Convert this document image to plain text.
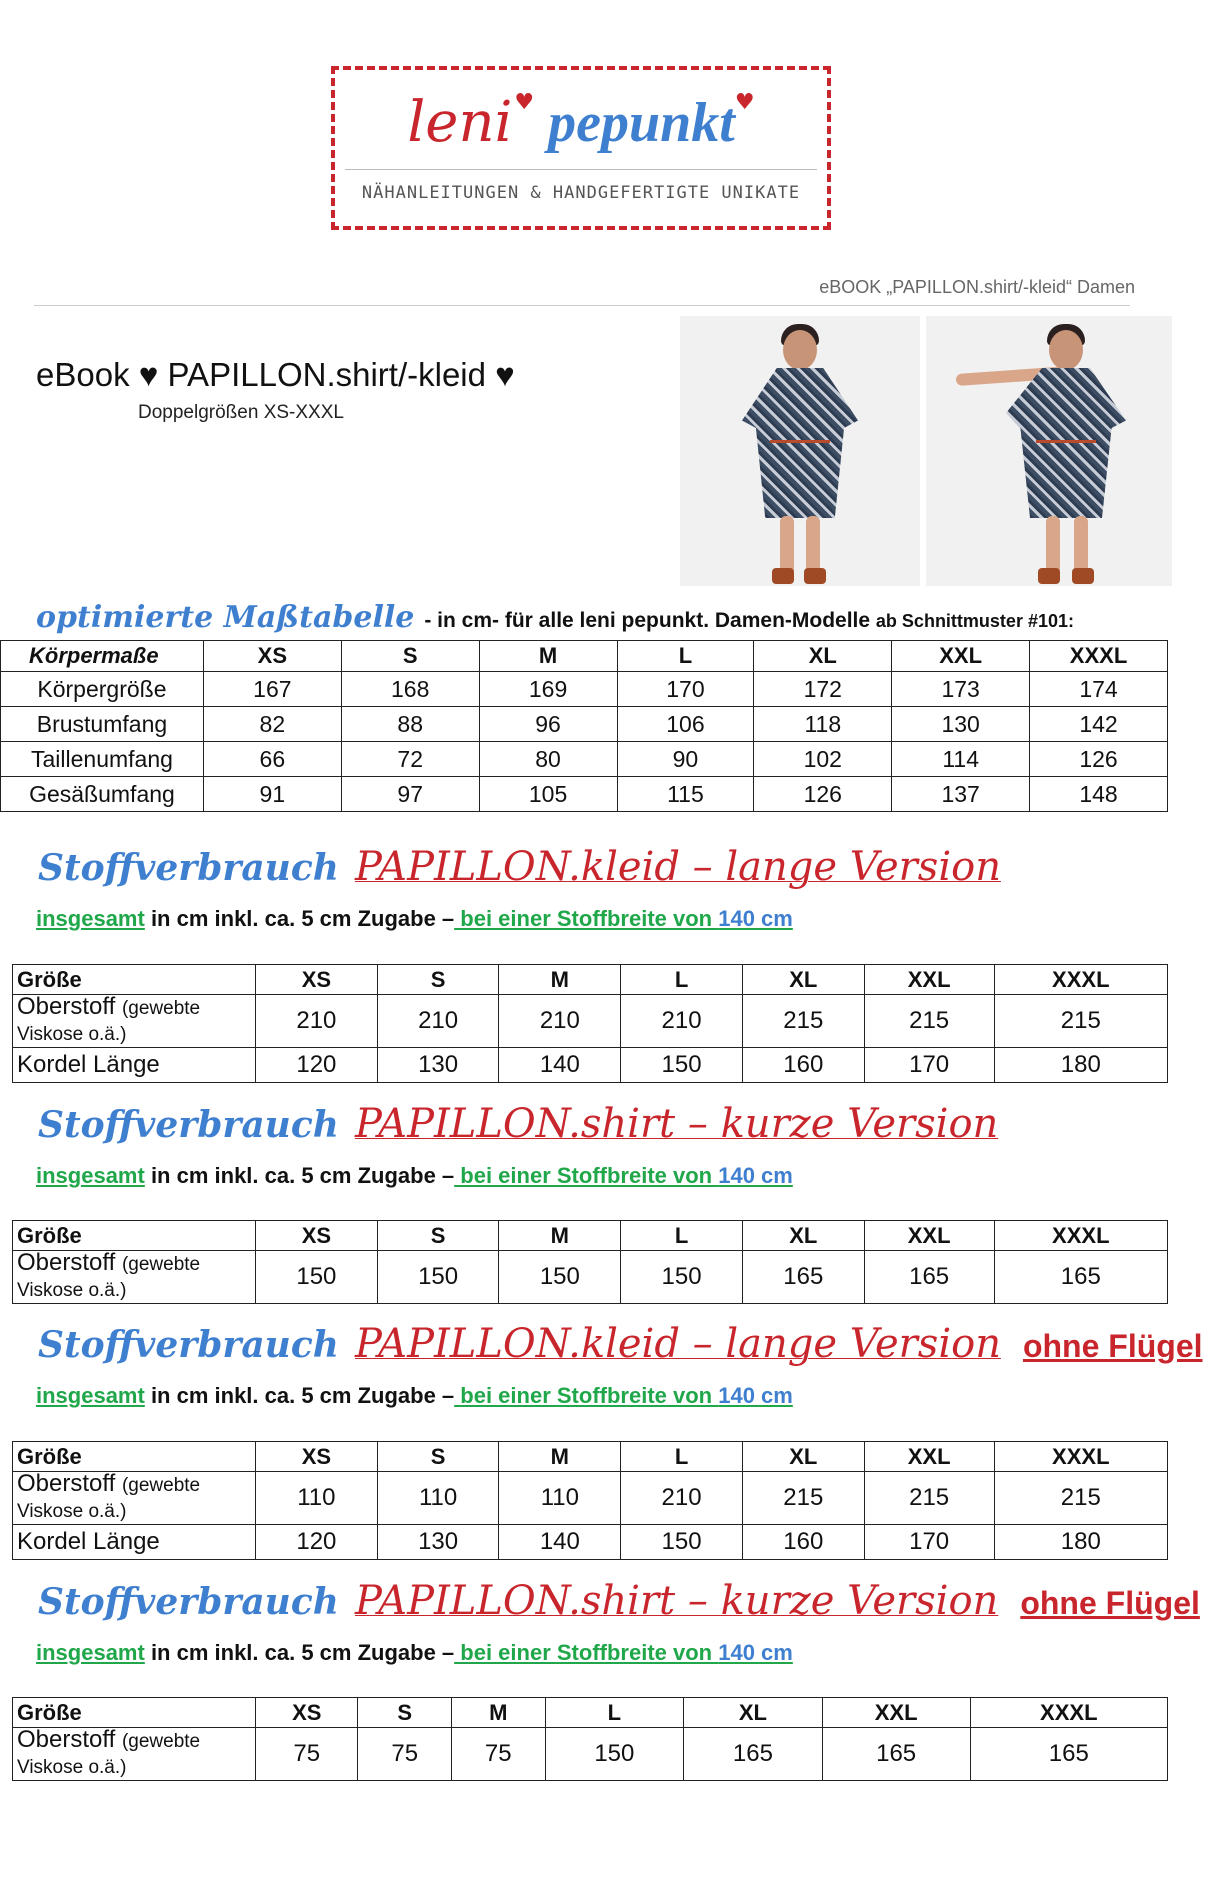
leni♥ pepunkt♥
NÄHANLEITUNGEN & HANDGEFERTIGTE UNIKATE
eBOOK „PAPILLON.shirt/-kleid“ Damen
eBook ♥ PAPILLON.shirt/-kleid ♥
Doppelgrößen XS-XXXL
optimierte Maßtabelle - in cm- für alle leni pepunkt. Damen-Modelle ab Schnittmuster #101:
Körpermaße	XS	S	M	L	XL	XXL	XXXL
Körpergröße	167	168	169	170	172	173	174
Brustumfang	82	88	96	106	118	130	142
Taillenumfang	66	72	80	90	102	114	126
Gesäßumfang	91	97	105	115	126	137	148
Stoffverbrauch PAPILLON.kleid – lange Version
insgesamt in cm inkl. ca. 5 cm Zugabe – bei einer Stoffbreite von 140 cm
Größe	XS	S	M	L	XL	XXL	XXXL
Oberstoff (gewebte
Viskose o.ä.)	210	210	210	210	215	215	215
Kordel Länge	120	130	140	150	160	170	180
Stoffverbrauch PAPILLON.shirt – kurze Version
insgesamt in cm inkl. ca. 5 cm Zugabe – bei einer Stoffbreite von 140 cm
Größe	XS	S	M	L	XL	XXL	XXXL
Oberstoff (gewebte
Viskose o.ä.)	150	150	150	150	165	165	165
Stoffverbrauch PAPILLON.kleid – lange Version ohne Flügel
insgesamt in cm inkl. ca. 5 cm Zugabe – bei einer Stoffbreite von 140 cm
Größe	XS	S	M	L	XL	XXL	XXXL
Oberstoff (gewebte
Viskose o.ä.)	110	110	110	210	215	215	215
Kordel Länge	120	130	140	150	160	170	180
Stoffverbrauch PAPILLON.shirt – kurze Version ohne Flügel
insgesamt in cm inkl. ca. 5 cm Zugabe – bei einer Stoffbreite von 140 cm
Größe	XS	S	M	L	XL	XXL	XXXL
Oberstoff (gewebte
Viskose o.ä.)	75	75	75	150	165	165	165
